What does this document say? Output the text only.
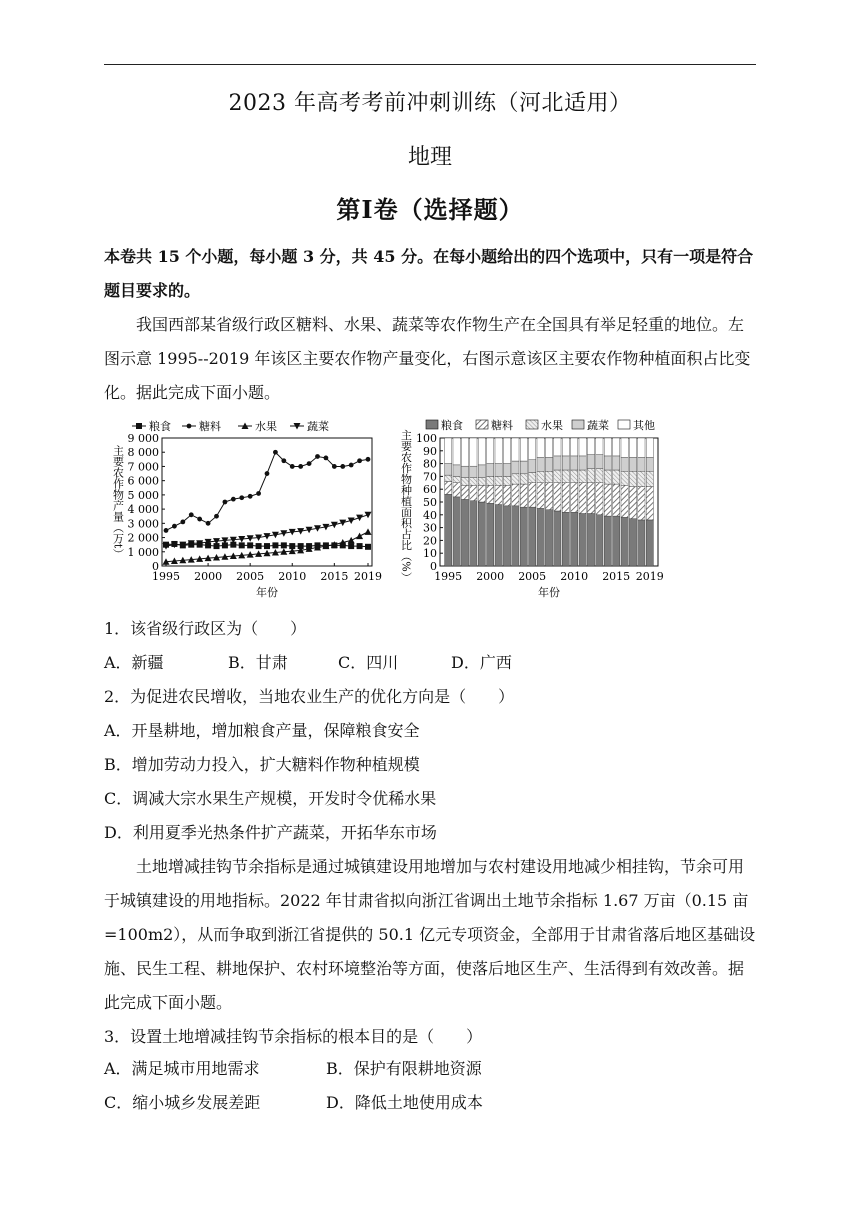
2023 年高考考前冲刺训练（河北适用）
地理
第Ⅰ卷（选择题）
本卷共 15 个小题，每小题 3 分，共 45 分。在每小题给出的四个选项中，只有一项是符合题目要求的。
我国西部某省级行政区糖料、水果、蔬菜等农作物生产在全国具有举足轻重的地位。左图示意 1995--2019 年该区主要农作物产量变化，右图示意该区主要农作物种植面积占比变化。据此完成下面小题。
粮食	糖料	水果	蔬菜
0
1 000
2 000
3 000
4 000
5 000
6 000
7 000
8 000
9 000
1995 2000 2005 2010 2015 2019
年份
主要农作物产量（万t）
粮食	糖料	水果 蔬菜 其他
0
10
20
30
40
50
60
70
80
90
100
1995 2000 2005 2010 2015 2019
年份
主要农作物种植面积占比（%）
1．该省级行政区为（　　）
A．新疆	B．甘肃	C．四川	D．广西
2．为促进农民增收，当地农业生产的优化方向是（　　）
A．开垦耕地，增加粮食产量，保障粮食安全
B．增加劳动力投入，扩大糖料作物种植规模
C．调减大宗水果生产规模，开发时令优稀水果
D．利用夏季光热条件扩产蔬菜，开拓华东市场
土地增减挂钩节余指标是通过城镇建设用地增加与农村建设用地减少相挂钩，节余可用于城镇建设的用地指标。2022 年甘肃省拟向浙江省调出土地节余指标 1.67 万亩（0.15 亩=100m2），从而争取到浙江省提供的 50.1 亿元专项资金，全部用于甘肃省落后地区基础设施、民生工程、耕地保护、农村环境整治等方面，使落后地区生产、生活得到有效改善。据此完成下面小题。
3．设置土地增减挂钩节余指标的根本目的是（　　）
A．满足城市用地需求	B．保护有限耕地资源
C．缩小城乡发展差距	D．降低土地使用成本
